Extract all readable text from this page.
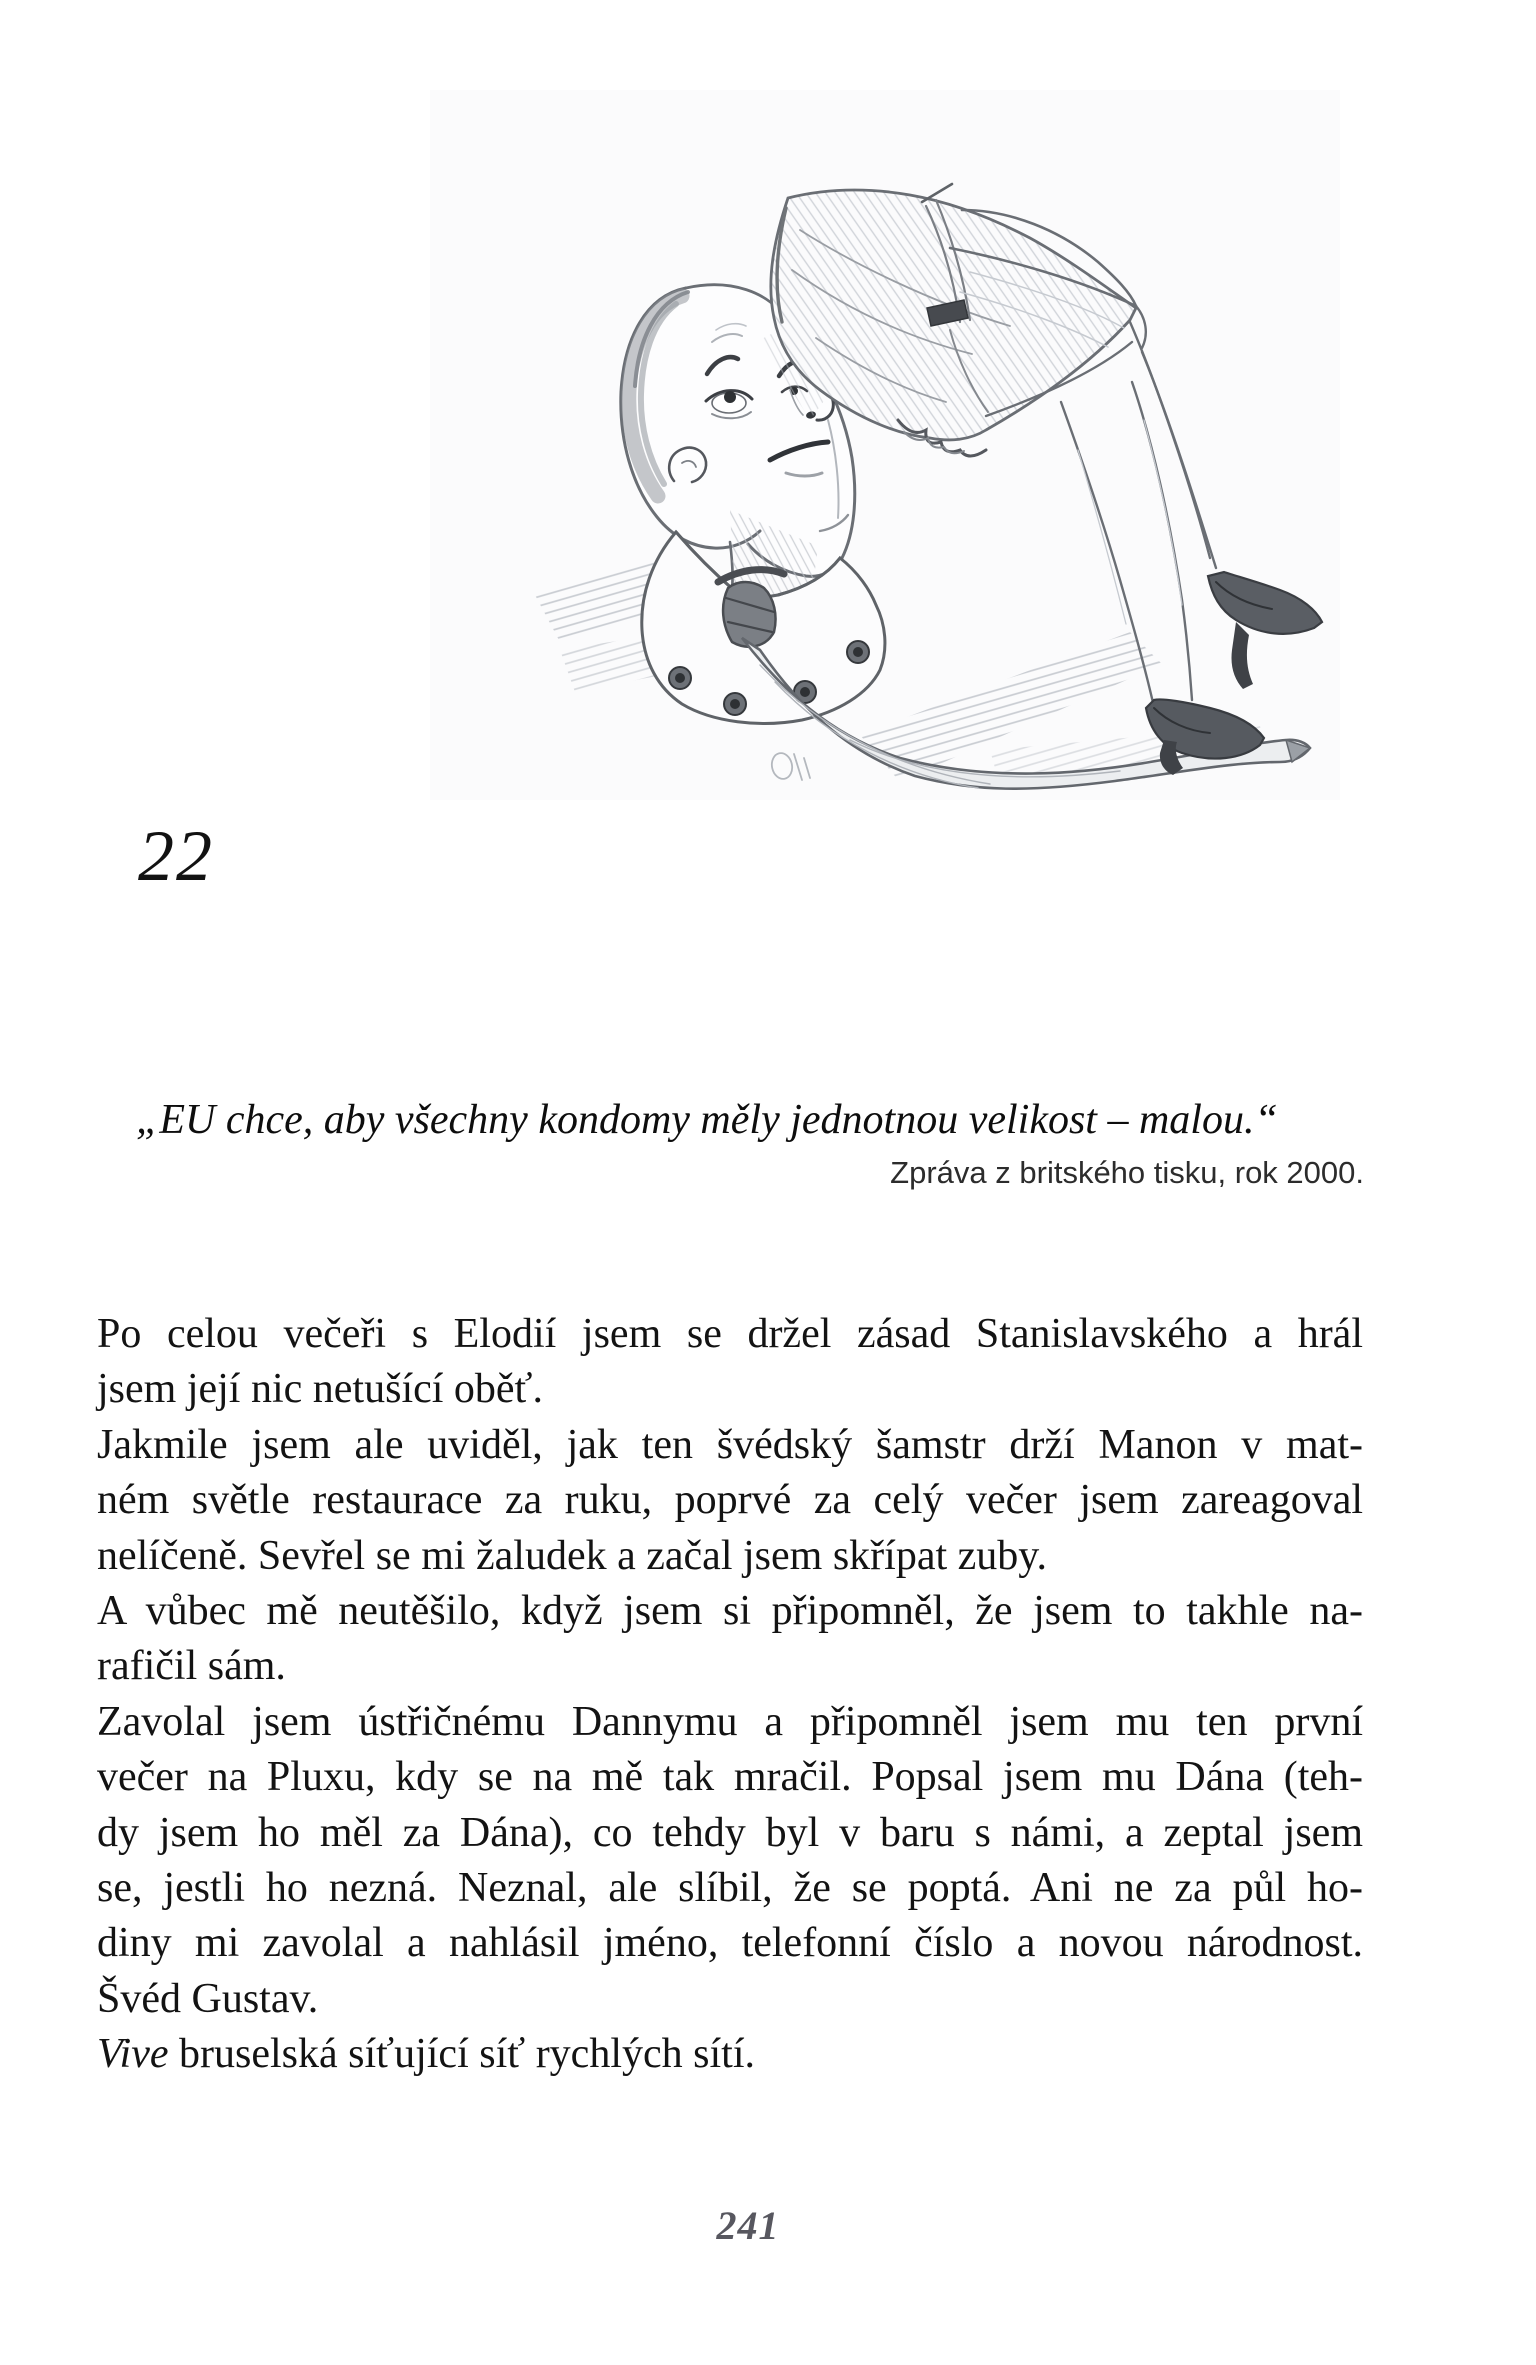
22
„EU chce, aby všechny kondomy měly jednotnou velikost – malou.“
Zpráva z britského tisku, rok 2000.
Po celou večeři s Elodií jsem se držel zásad Stanislavského a hrál
jsem její nic netušící oběť.
Jakmile jsem ale uviděl, jak ten švédský šamstr drží Manon v mat-
ném světle restaurace za ruku, poprvé za celý večer jsem zareagoval
nelíčeně. Sevřel se mi žaludek a začal jsem skřípat zuby.
A vůbec mě neutěšilo, když jsem si připomněl, že jsem to takhle na-
rafičil sám.
Zavolal jsem ústřičnému Dannymu a připomněl jsem mu ten první
večer na Pluxu, kdy se na mě tak mračil. Popsal jsem mu Dána (teh-
dy jsem ho měl za Dána), co tehdy byl v baru s námi, a zeptal jsem
se, jestli ho nezná. Neznal, ale slíbil, že se poptá. Ani ne za půl ho-
diny mi zavolal a nahlásil jméno, telefonní číslo a novou národnost.
Švéd Gustav.
Vive bruselská síťující síť rychlých sítí.
241
